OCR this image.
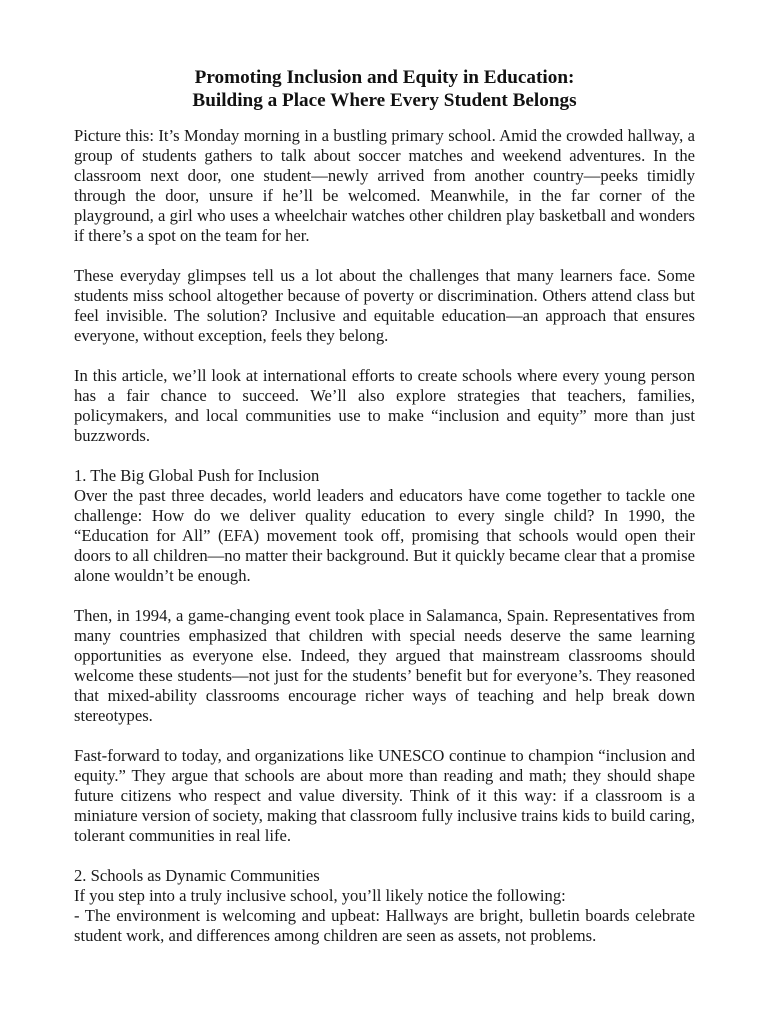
Promoting Inclusion and Equity in Education:
Building a Place Where Every Student Belongs

Picture this: It’s Monday morning in a bustling primary school. Amid the crowded hallway, a group of students gathers to talk about soccer matches and weekend adventures. In the classroom next door, one student—newly arrived from another country—peeks timidly through the door, unsure if he’ll be welcomed. Meanwhile, in the far corner of the playground, a girl who uses a wheelchair watches other children play basketball and wonders if there’s a spot on the team for her.

These everyday glimpses tell us a lot about the challenges that many learners face. Some students miss school altogether because of poverty or discrimination. Others attend class but feel invisible. The solution? Inclusive and equitable education—an approach that ensures everyone, without exception, feels they belong.

In this article, we’ll look at international efforts to create schools where every young person has a fair chance to succeed. We’ll also explore strategies that teachers, families, policymakers, and local communities use to make “inclusion and equity” more than just buzzwords.

1. The Big Global Push for Inclusion

Over the past three decades, world leaders and educators have come together to tackle one challenge: How do we deliver quality education to every single child? In 1990, the “Education for All” (EFA) movement took off, promising that schools would open their doors to all children—no matter their background. But it quickly became clear that a promise alone wouldn’t be enough.

Then, in 1994, a game-changing event took place in Salamanca, Spain. Representatives from many countries emphasized that children with special needs deserve the same learning opportunities as everyone else. Indeed, they argued that mainstream classrooms should welcome these students—not just for the students’ benefit but for everyone’s. They reasoned that mixed-ability classrooms encourage richer ways of teaching and help break down stereotypes.

Fast-forward to today, and organizations like UNESCO continue to champion “inclusion and equity.” They argue that schools are about more than reading and math; they should shape future citizens who respect and value diversity. Think of it this way: if a classroom is a miniature version of society, making that classroom fully inclusive trains kids to build caring, tolerant communities in real life.

2. Schools as Dynamic Communities

If you step into a truly inclusive school, you’ll likely notice the following:

- The environment is welcoming and upbeat: Hallways are bright, bulletin boards celebrate student work, and differences among children are seen as assets, not problems.
